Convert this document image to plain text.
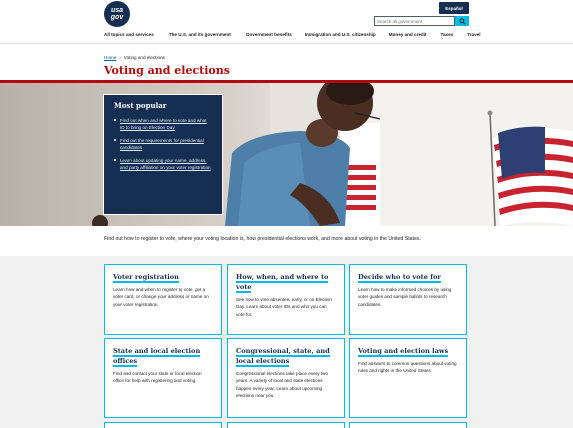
usa
gov
Español
Search all government
All topics and services	The U.S. and its government	Government benefits	Immigration and U.S. citizenship	Money and credit	Taxes	Travel
Home › Voting and elections
Voting and elections
Most popular
Find out when and where to vote and what ID to bring on Election Day
Find out the requirements for presidential candidates
Learn about updating your name, address, and party affiliation on your voter registration

Find out how to register to vote, where your voting location is, how presidential elections work, and more about voting in the United States.

Voter registration

Learn how and when to register to vote, get a voter card, or change your address or name on your voter registration.

How, when, and where to vote

See how to vote absentee, early, or on Election Day. Learn about voter IDs and who you can vote for.

Decide who to vote for

Learn how to make informed choices by using voter guides and sample ballots to research candidates.

State and local election offices

Find and contact your state or local election office for help with registering and voting.

Congressional, state, and local elections

Congressional elections take place every two years. A variety of local and state elections happen every year. Learn about upcoming elections near you.

Voting and election laws

Find answers to common questions about voting rules and rights in the United States.
